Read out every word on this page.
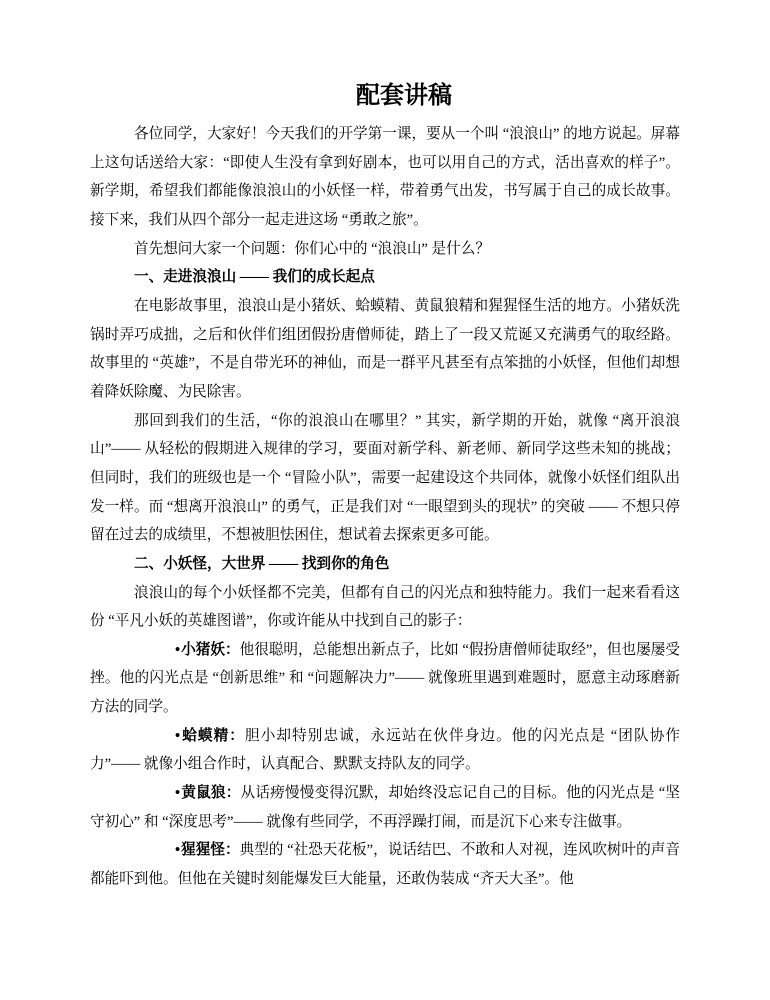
配套讲稿

各位同学，大家好！今天我们的开学第一课，要从一个叫 “浪浪山” 的地方说起。屏幕上这句话送给大家：“即使人生没有拿到好剧本，也可以用自己的方式，活出喜欢的样子”。新学期，希望我们都能像浪浪山的小妖怪一样，带着勇气出发，书写属于自己的成长故事。接下来，我们从四个部分一起走进这场 “勇敢之旅”。

首先想问大家一个问题：你们心中的 “浪浪山” 是什么？

一、走进浪浪山 —— 我们的成长起点

在电影故事里，浪浪山是小猪妖、蛤蟆精、黄鼠狼精和猩猩怪生活的地方。小猪妖洗锅时弄巧成拙，之后和伙伴们组团假扮唐僧师徒，踏上了一段又荒诞又充满勇气的取经路。故事里的 “英雄”，不是自带光环的神仙，而是一群平凡甚至有点笨拙的小妖怪，但他们却想着降妖除魔、为民除害。

那回到我们的生活，“你的浪浪山在哪里？” 其实，新学期的开始，就像 “离开浪浪山”—— 从轻松的假期进入规律的学习，要面对新学科、新老师、新同学这些未知的挑战；但同时，我们的班级也是一个 “冒险小队”，需要一起建设这个共同体，就像小妖怪们组队出发一样。而 “想离开浪浪山” 的勇气，正是我们对 “一眼望到头的现状” 的突破 —— 不想只停留在过去的成绩里，不想被胆怯困住，想试着去探索更多可能。

二、小妖怪，大世界 —— 找到你的角色

浪浪山的每个小妖怪都不完美，但都有自己的闪光点和独特能力。我们一起来看看这份 “平凡小妖的英雄图谱”，你或许能从中找到自己的影子：

•小猪妖：他很聪明，总能想出新点子，比如 “假扮唐僧师徒取经”，但也屡屡受挫。他的闪光点是 “创新思维” 和 “问题解决力”—— 就像班里遇到难题时，愿意主动琢磨新方法的同学。

•蛤蟆精：胆小却特别忠诚，永远站在伙伴身边。他的闪光点是 “团队协作力”—— 就像小组合作时，认真配合、默默支持队友的同学。

•黄鼠狼：从话痨慢慢变得沉默，却始终没忘记自己的目标。他的闪光点是 “坚守初心” 和 “深度思考”—— 就像有些同学，不再浮躁打闹，而是沉下心来专注做事。

•猩猩怪：典型的 “社恐天花板”，说话结巴、不敢和人对视，连风吹树叶的声音都能吓到他。但他在关键时刻能爆发巨大能量，还敢伪装成 “齐天大圣”。他
